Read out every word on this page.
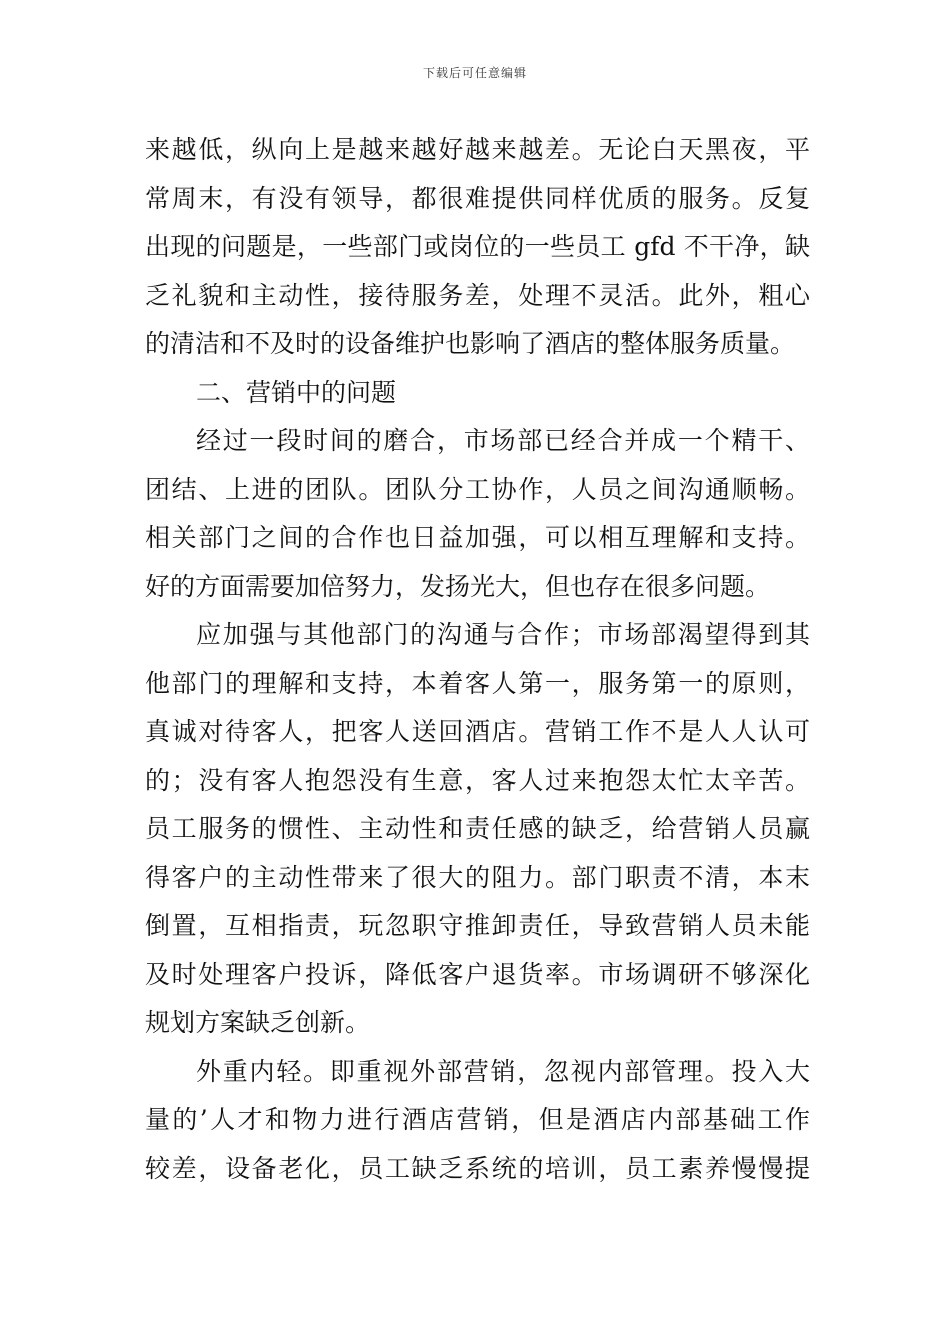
下载后可任意编辑
来越低，纵向上是越来越好越来越差。无论白天黑夜，平
常周末，有没有领导，都很难提供同样优质的服务。反复
出现的问题是，一些部门或岗位的一些员工 gfd 不干净，缺
乏礼貌和主动性，接待服务差，处理不灵活。此外，粗心
的清洁和不及时的设备维护也影响了酒店的整体服务质量。
二、营销中的问题
经过一段时间的磨合，市场部已经合并成一个精干、
团结、上进的团队。团队分工协作，人员之间沟通顺畅。
相关部门之间的合作也日益加强，可以相互理解和支持。
好的方面需要加倍努力，发扬光大，但也存在很多问题。
应加强与其他部门的沟通与合作；市场部渴望得到其
他部门的理解和支持，本着客人第一，服务第一的原则，
真诚对待客人，把客人送回酒店。营销工作不是人人认可
的；没有客人抱怨没有生意，客人过来抱怨太忙太辛苦。
员工服务的惯性、主动性和责任感的缺乏，给营销人员赢
得客户的主动性带来了很大的阻力。部门职责不清，本末
倒置，互相指责，玩忽职守推卸责任，导致营销人员未能
及时处理客户投诉，降低客户退货率。市场调研不够深化
规划方案缺乏创新。
外重内轻。即重视外部营销，忽视内部管理。投入大
量的’人才和物力进行酒店营销，但是酒店内部基础工作
较差，设备老化，员工缺乏系统的培训，员工素养慢慢提
